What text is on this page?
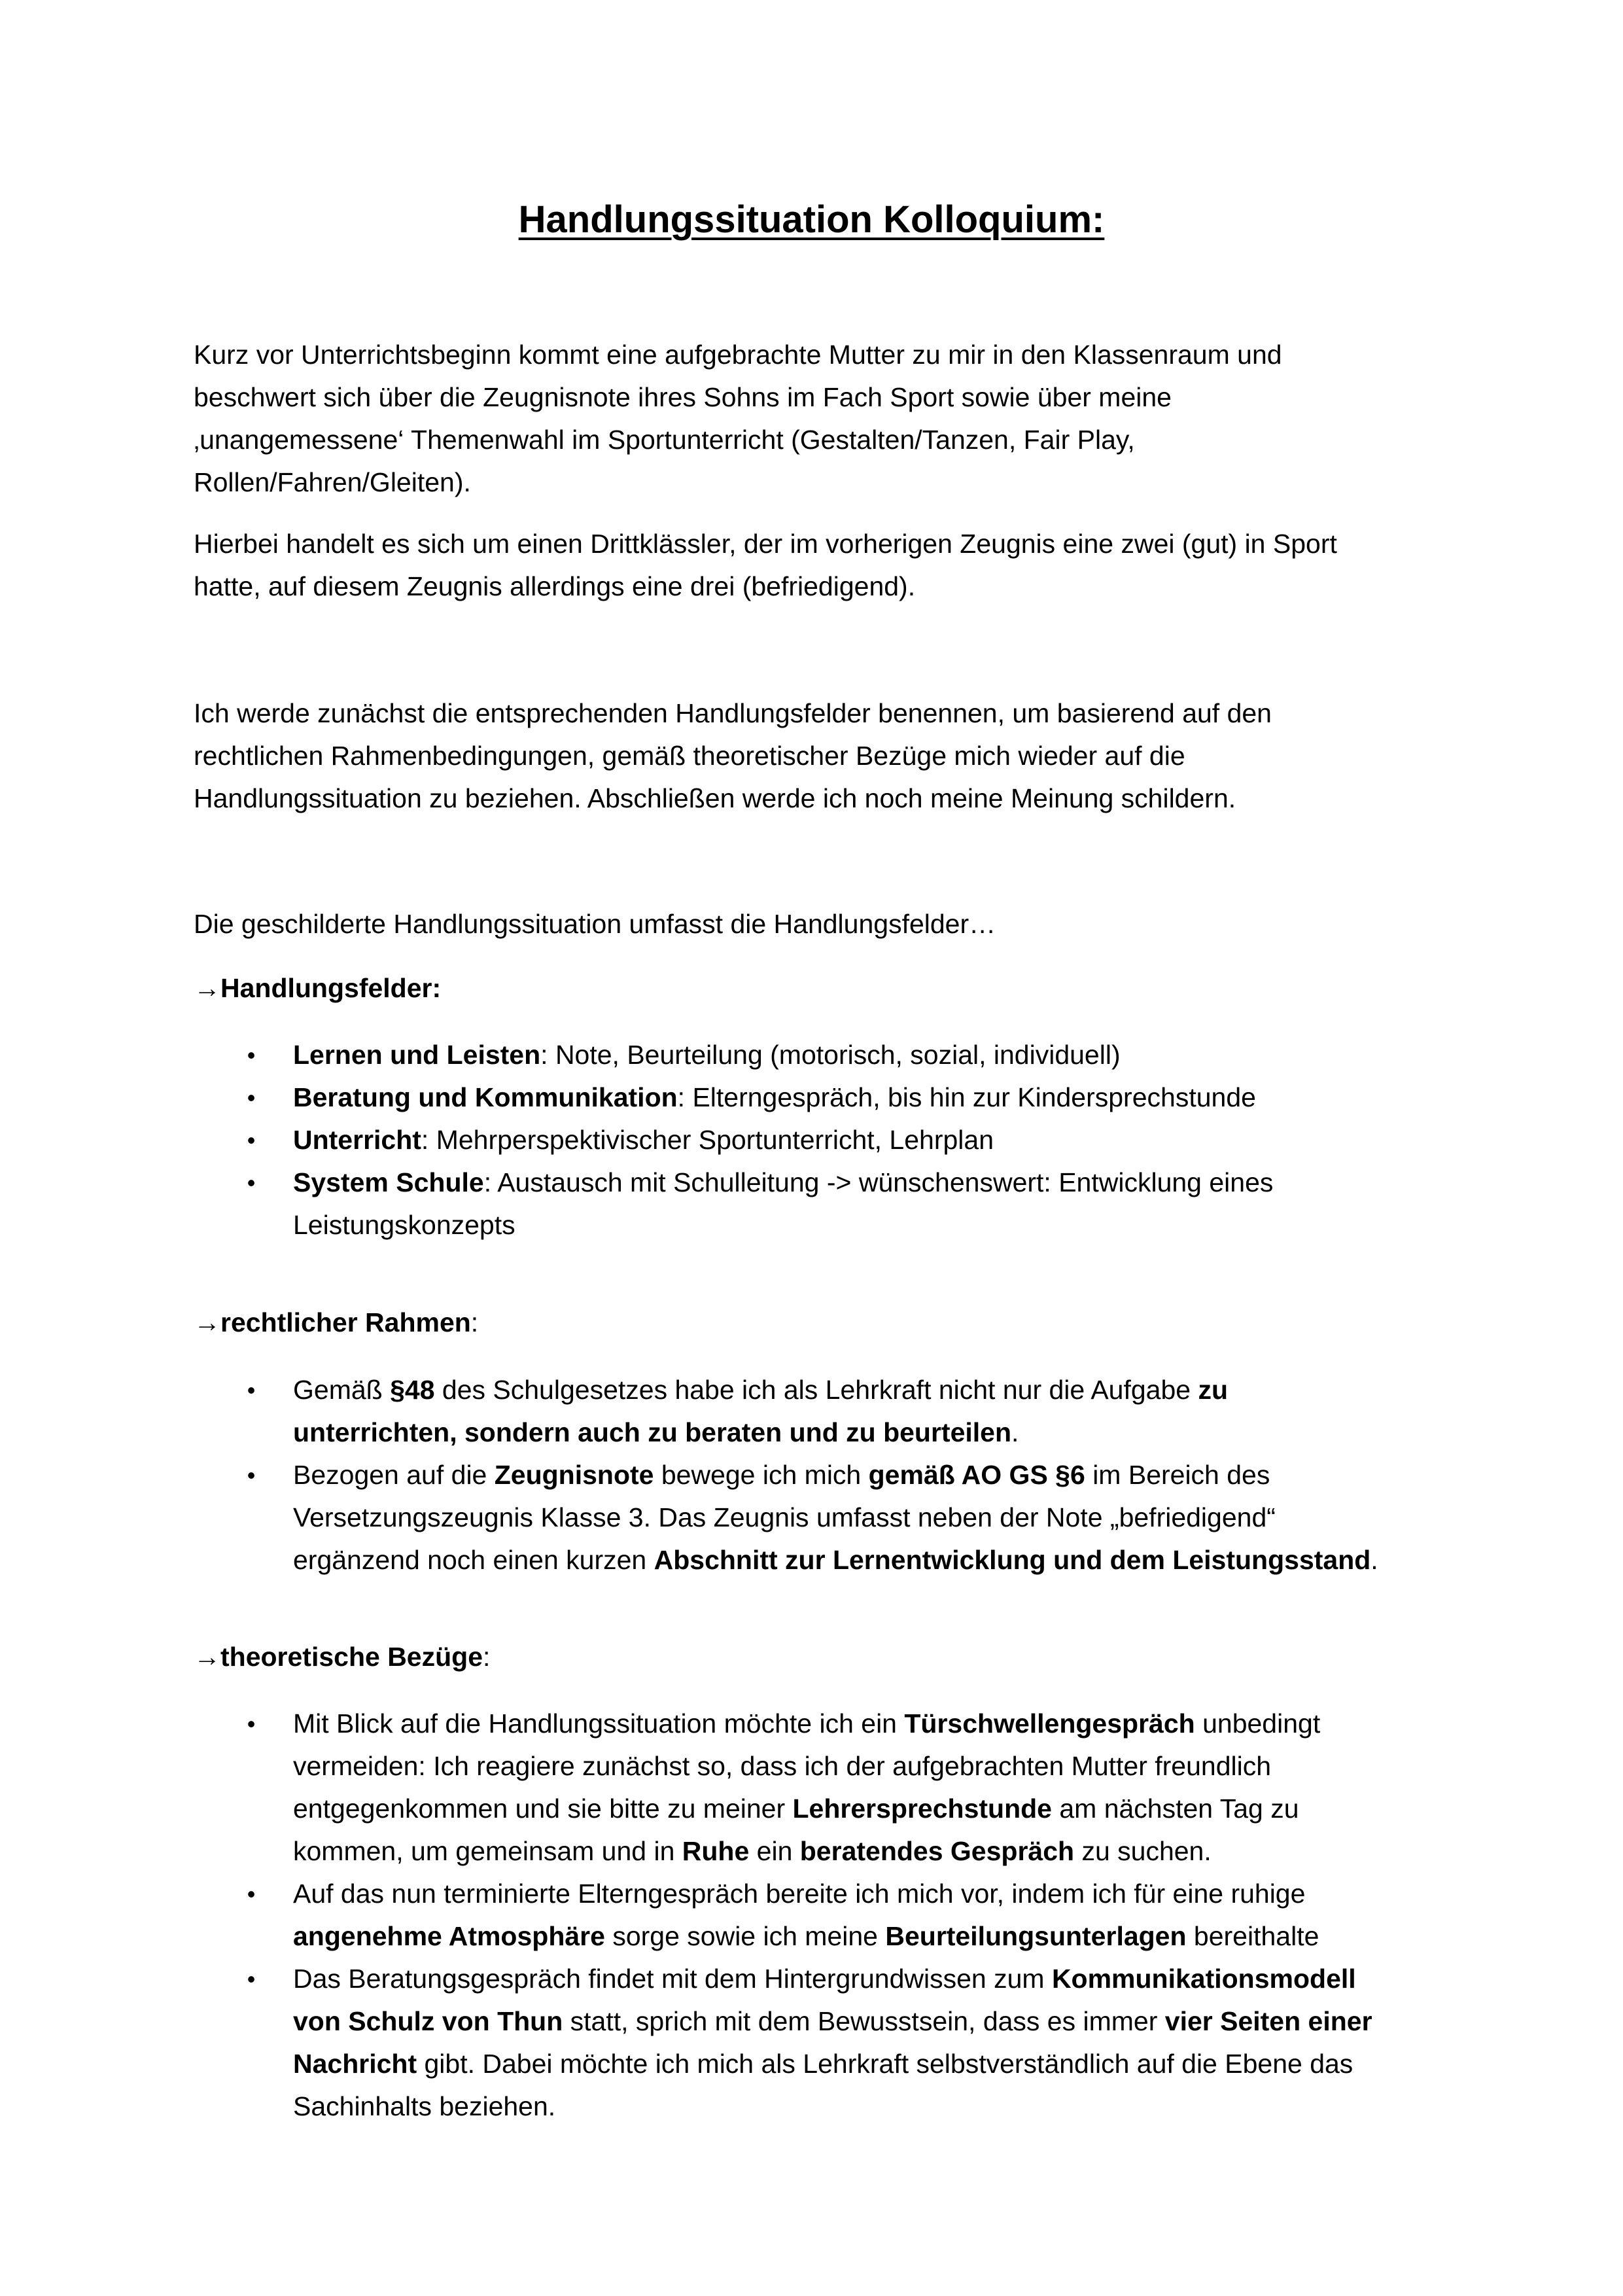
Handlungssituation Kolloquium:

Kurz vor Unterrichtsbeginn kommt eine aufgebrachte Mutter zu mir in den Klassenraum und
beschwert sich über die Zeugnisnote ihres Sohns im Fach Sport sowie über meine
‚unangemessene‘ Themenwahl im Sportunterricht (Gestalten/Tanzen, Fair Play,
Rollen/Fahren/Gleiten).

Hierbei handelt es sich um einen Drittklässler, der im vorherigen Zeugnis eine zwei (gut) in Sport
hatte, auf diesem Zeugnis allerdings eine drei (befriedigend).

Ich werde zunächst die entsprechenden Handlungsfelder benennen, um basierend auf den
rechtlichen Rahmenbedingungen, gemäß theoretischer Bezüge mich wieder auf die
Handlungssituation zu beziehen. Abschließen werde ich noch meine Meinung schildern.

Die geschilderte Handlungssituation umfasst die Handlungsfelder…

→Handlungsfelder:
•	Lernen und Leisten: Note, Beurteilung (motorisch, sozial, individuell)
•	Beratung und Kommunikation: Elterngespräch, bis hin zur Kindersprechstunde
•	Unterricht: Mehrperspektivischer Sportunterricht, Lehrplan
•	System Schule: Austausch mit Schulleitung -> wünschenswert: Entwicklung eines
Leistungskonzepts
→rechtlicher Rahmen:
•	Gemäß §48 des Schulgesetzes habe ich als Lehrkraft nicht nur die Aufgabe zu
unterrichten, sondern auch zu beraten und zu beurteilen.
•	Bezogen auf die Zeugnisnote bewege ich mich gemäß AO GS §6 im Bereich des
Versetzungszeugnis Klasse 3. Das Zeugnis umfasst neben der Note „befriedigend“
ergänzend noch einen kurzen Abschnitt zur Lernentwicklung und dem Leistungsstand.
→theoretische Bezüge:
•	Mit Blick auf die Handlungssituation möchte ich ein Türschwellengespräch unbedingt
vermeiden: Ich reagiere zunächst so, dass ich der aufgebrachten Mutter freundlich
entgegenkommen und sie bitte zu meiner Lehrersprechstunde am nächsten Tag zu
kommen, um gemeinsam und in Ruhe ein beratendes Gespräch zu suchen.
•	Auf das nun terminierte Elterngespräch bereite ich mich vor, indem ich für eine ruhige
angenehme Atmosphäre sorge sowie ich meine Beurteilungsunterlagen bereithalte
•	Das Beratungsgespräch findet mit dem Hintergrundwissen zum Kommunikationsmodell
von Schulz von Thun statt, sprich mit dem Bewusstsein, dass es immer vier Seiten einer
Nachricht gibt. Dabei möchte ich mich als Lehrkraft selbstverständlich auf die Ebene das
Sachinhalts beziehen.
